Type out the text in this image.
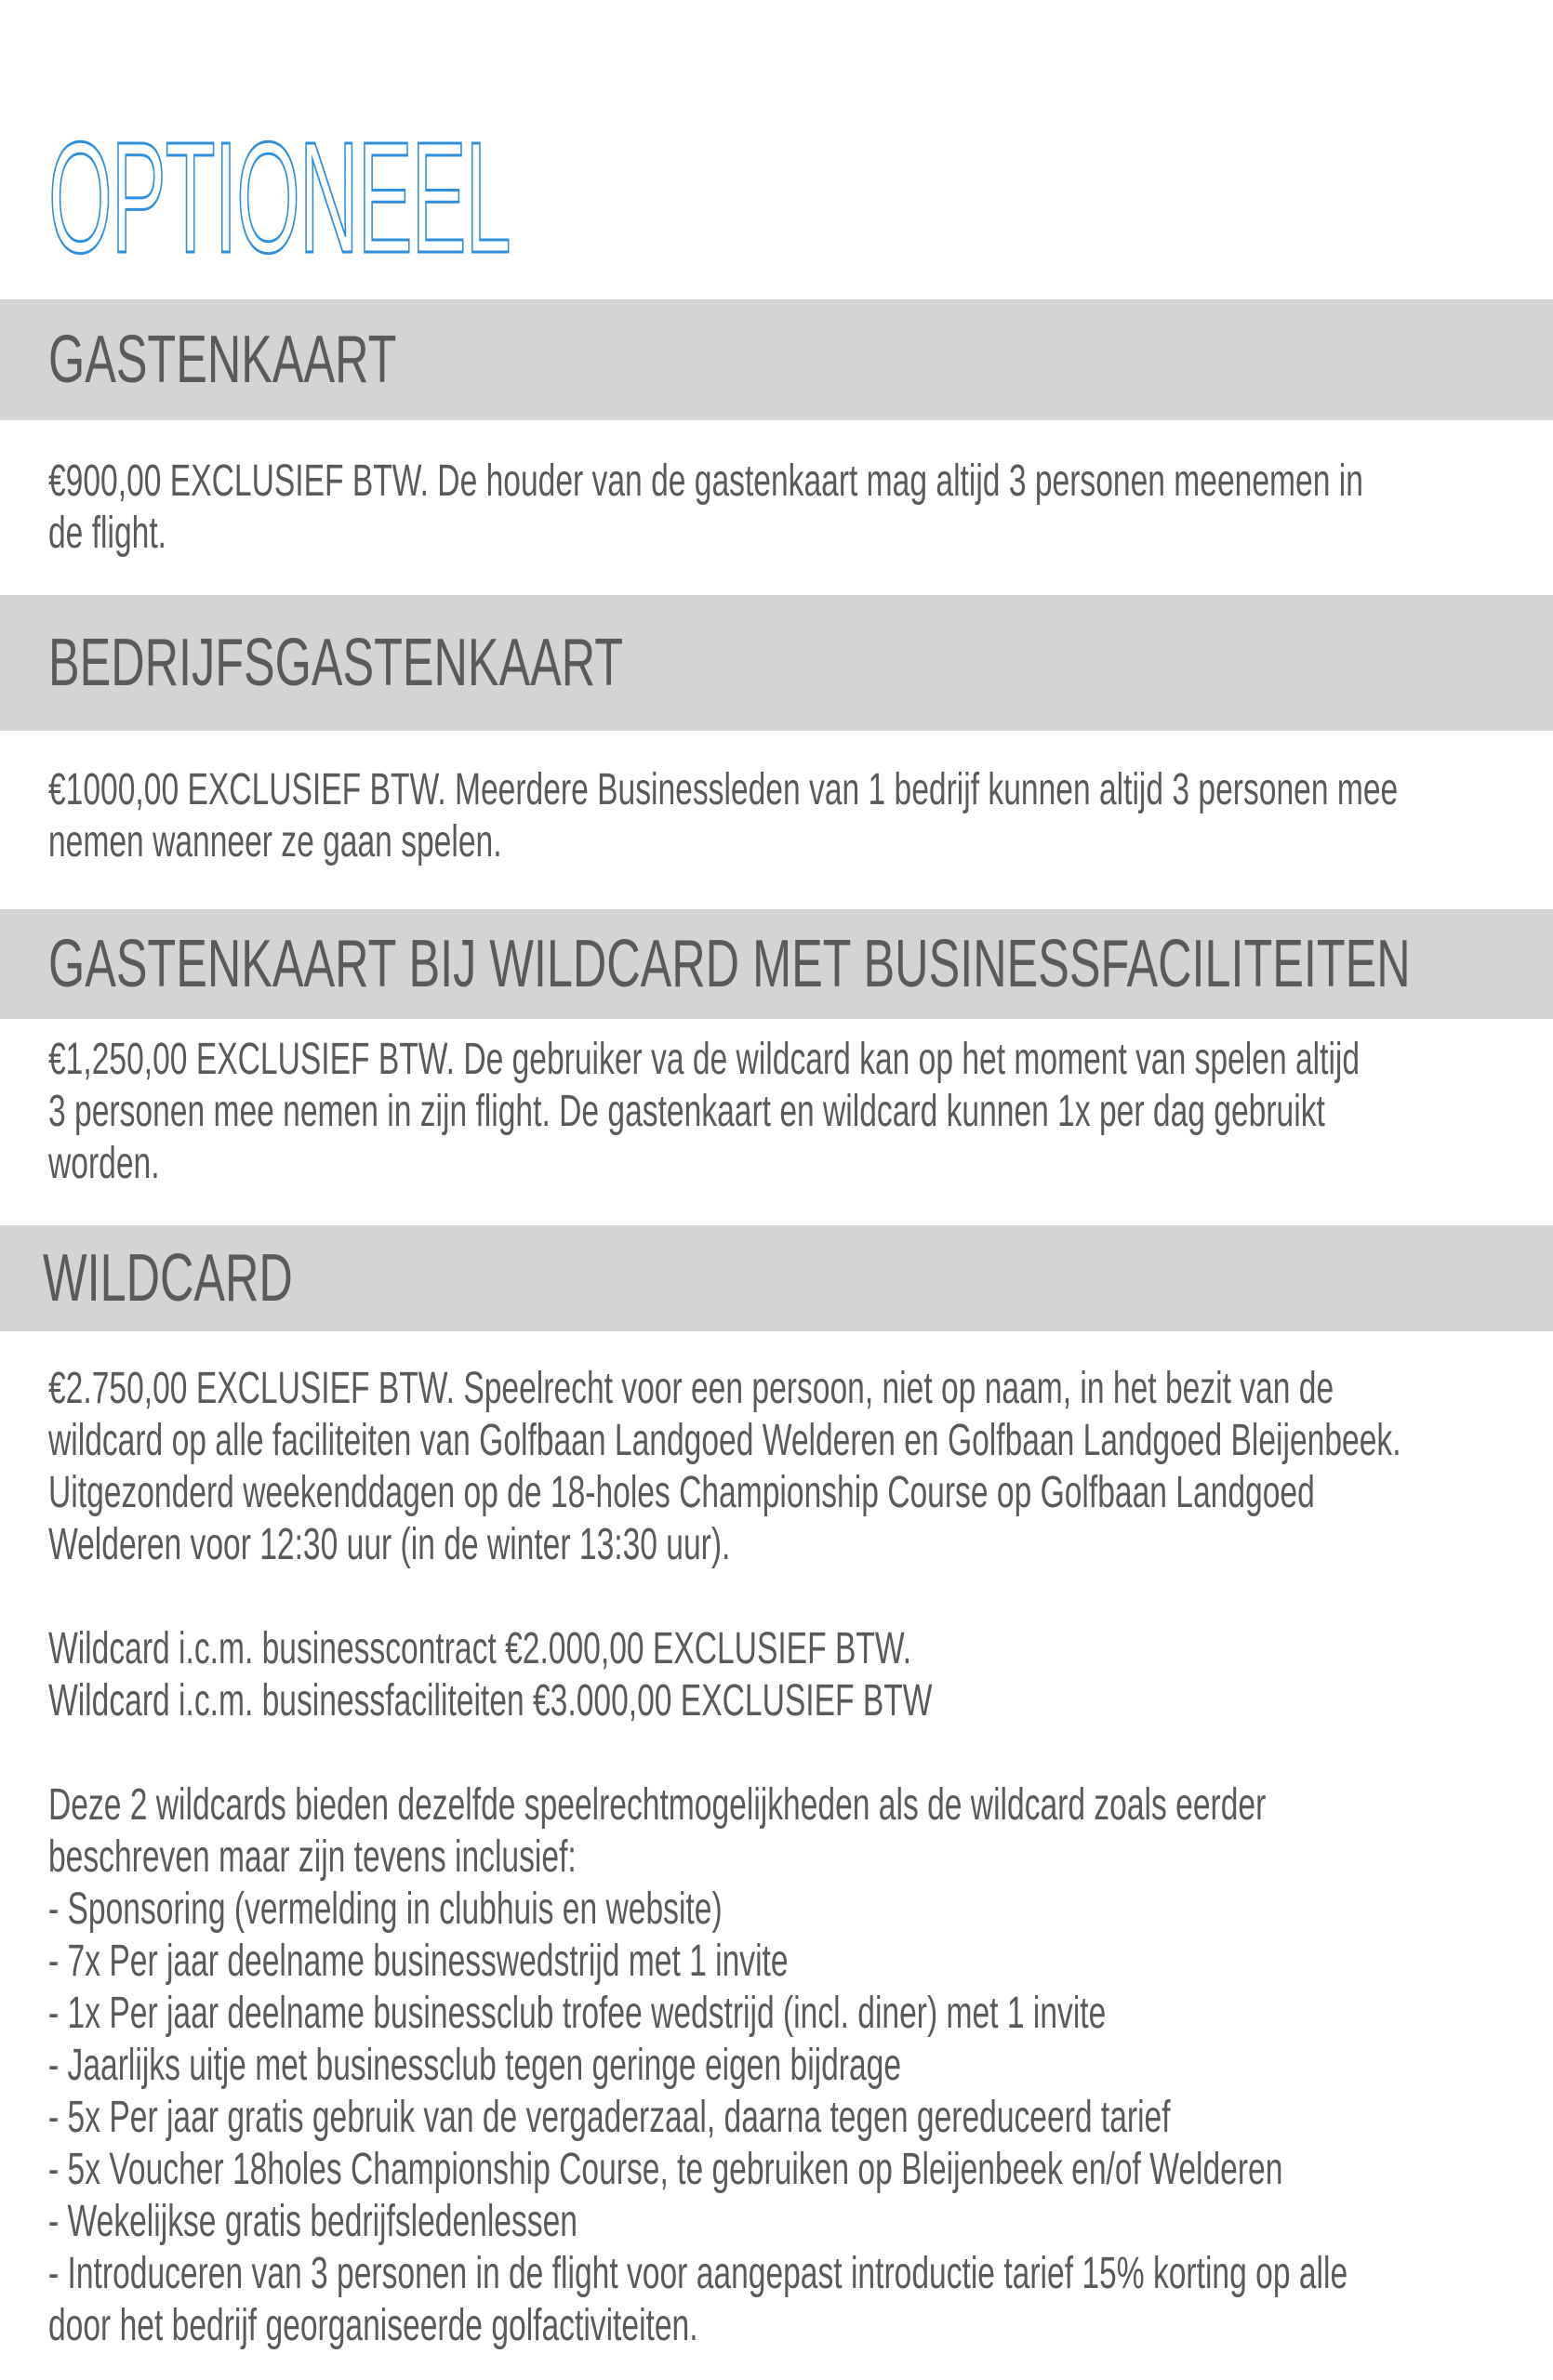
OPTIONEEL
GASTENKAART

€900,00 EXCLUSIEF BTW. De houder van de gastenkaart mag altijd 3 personen meenemen in
de flight.

BEDRIJFSGASTENKAART

€1000,00 EXCLUSIEF BTW. Meerdere Businessleden van 1 bedrijf kunnen altijd 3 personen mee
nemen wanneer ze gaan spelen.

GASTENKAART BIJ WILDCARD MET BUSINESSFACILITEITEN

€1,250,00 EXCLUSIEF BTW. De gebruiker va de wildcard kan op het moment van spelen altijd
3 personen mee nemen in zijn flight. De gastenkaart en wildcard kunnen 1x per dag gebruikt
worden.

WILDCARD

€2.750,00 EXCLUSIEF BTW. Speelrecht voor een persoon, niet op naam, in het bezit van de
wildcard op alle faciliteiten van Golfbaan Landgoed Welderen en Golfbaan Landgoed Bleijenbeek.
Uitgezonderd weekenddagen op de 18-holes Championship Course op Golfbaan Landgoed
Welderen voor 12:30 uur (in de winter 13:30 uur).

Wildcard i.c.m. businesscontract €2.000,00 EXCLUSIEF BTW.
Wildcard i.c.m. businessfaciliteiten €3.000,00 EXCLUSIEF BTW

Deze 2 wildcards bieden dezelfde speelrechtmogelijkheden als de wildcard zoals eerder
beschreven maar zijn tevens inclusief:
- Sponsoring (vermelding in clubhuis en website)
- 7x Per jaar deelname businesswedstrijd met 1 invite
- 1x Per jaar deelname businessclub trofee wedstrijd (incl. diner) met 1 invite
- Jaarlijks uitje met businessclub tegen geringe eigen bijdrage
- 5x Per jaar gratis gebruik van de vergaderzaal, daarna tegen gereduceerd tarief
- 5x Voucher 18holes Championship Course, te gebruiken op Bleijenbeek en/of Welderen
- Wekelijkse gratis bedrijfsledenlessen
- Introduceren van 3 personen in de flight voor aangepast introductie tarief 15% korting op alle
door het bedrijf georganiseerde golfactiviteiten.
